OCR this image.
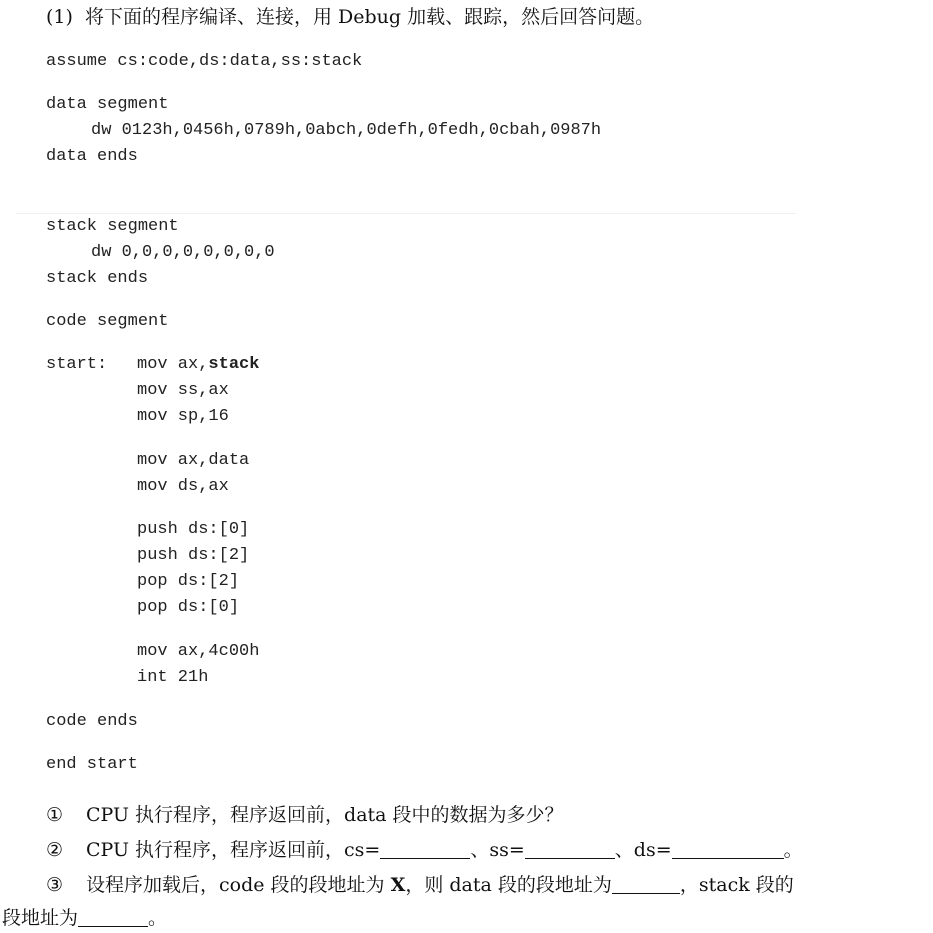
(1)  将下面的程序编译、连接，用 Debug 加载、跟踪，然后回答问题。
assume cs:code,ds:data,ss:stack
data segment
dw 0123h,0456h,0789h,0abch,0defh,0fedh,0cbah,0987h
data ends
stack segment
dw 0,0,0,0,0,0,0,0
stack ends
code segment
start: mov ax,stack
mov ss,ax
mov sp,16
mov ax,data
mov ds,ax
push ds:[0]
push ds:[2]
pop ds:[2]
pop ds:[0]
mov ax,4c00h
int 21h
code ends
end start
① CPU 执行程序，程序返回前，data 段中的数据为多少？
② CPU 执行程序，程序返回前，cs=	、ss=	、ds=	。
③ 设程序加载后，code 段的段地址为 X，则 data 段的段地址为	，stack 段的
段地址为	。
